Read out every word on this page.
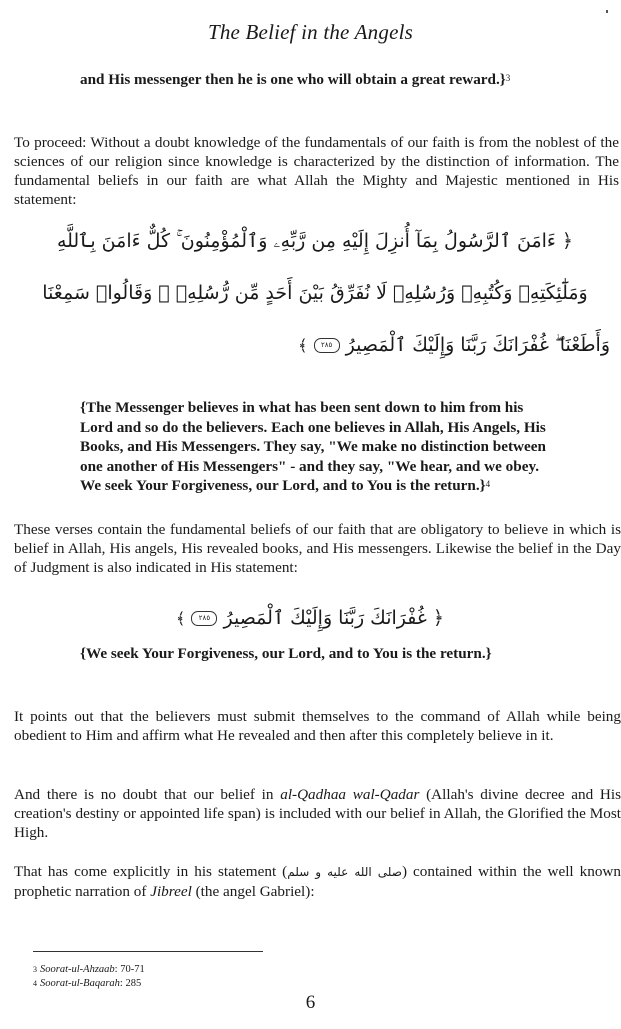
The Belief in the Angels
and His messenger then he is one who will obtain a great reward.}$^3$
To proceed: Without a doubt knowledge of the fundamentals of our faith is from the noblest of the sciences of our religion since knowledge is characterized by the distinction of information. The fundamental beliefs in our faith are what Allah the Mighty and Majestic mentioned in His statement:
﴿ ءَامَنَ ٱلرَّسُولُ بِمَآ أُنزِلَ إِلَيْهِ مِن رَّبِّهِۦ وَٱلْمُؤْمِنُونَ ۚ كُلٌّ ءَامَنَ بِٱللَّهِ
وَمَلَٰٓئِكَتِهِۦ وَكُتُبِهِۦ وَرُسُلِهِۦ لَا نُفَرِّقُ بَيْنَ أَحَدٍ مِّن رُّسُلِهِۦ ۚ وَقَالُوا۟ سَمِعْنَا
وَأَطَعْنَا ۖ غُفْرَانَكَ رَبَّنَا وَإِلَيْكَ ٱلْمَصِيرُ ٢٨٥ ﴾
{The Messenger believes in what has been sent down to him from his Lord and so do the believers. Each one believes in Allah, His Angels, His Books, and His Messengers. They say, "We make no distinction between one another of His Messengers" - and they say, "We hear, and we obey. We seek Your Forgiveness, our Lord, and to You is the return.}$^4$
These verses contain the fundamental beliefs of our faith that are obligatory to believe in which is belief in Allah, His angels, His revealed books, and His messengers. Likewise the belief in the Day of Judgment is also indicated in His statement:
﴿ غُفْرَانَكَ رَبَّنَا وَإِلَيْكَ ٱلْمَصِيرُ ٢٨٥ ﴾
{We seek Your Forgiveness, our Lord, and to You is the return.}
It points out that the believers must submit themselves to the command of Allah while being obedient to Him and affirm what He revealed and then after this completely believe in it.
And there is no doubt that our belief in al-Qadhaa wal-Qadar (Allah's divine decree and His creation's destiny or appointed life span) is included with our belief in Allah, the Glorified the Most High.
That has come explicitly in his statement (صلى الله عليه و سلم) contained within the well known prophetic narration of Jibreel (the angel Gabriel):
3 Soorat-ul-Ahzaab: 70-71
4 Soorat-ul-Baqarah: 285
6
